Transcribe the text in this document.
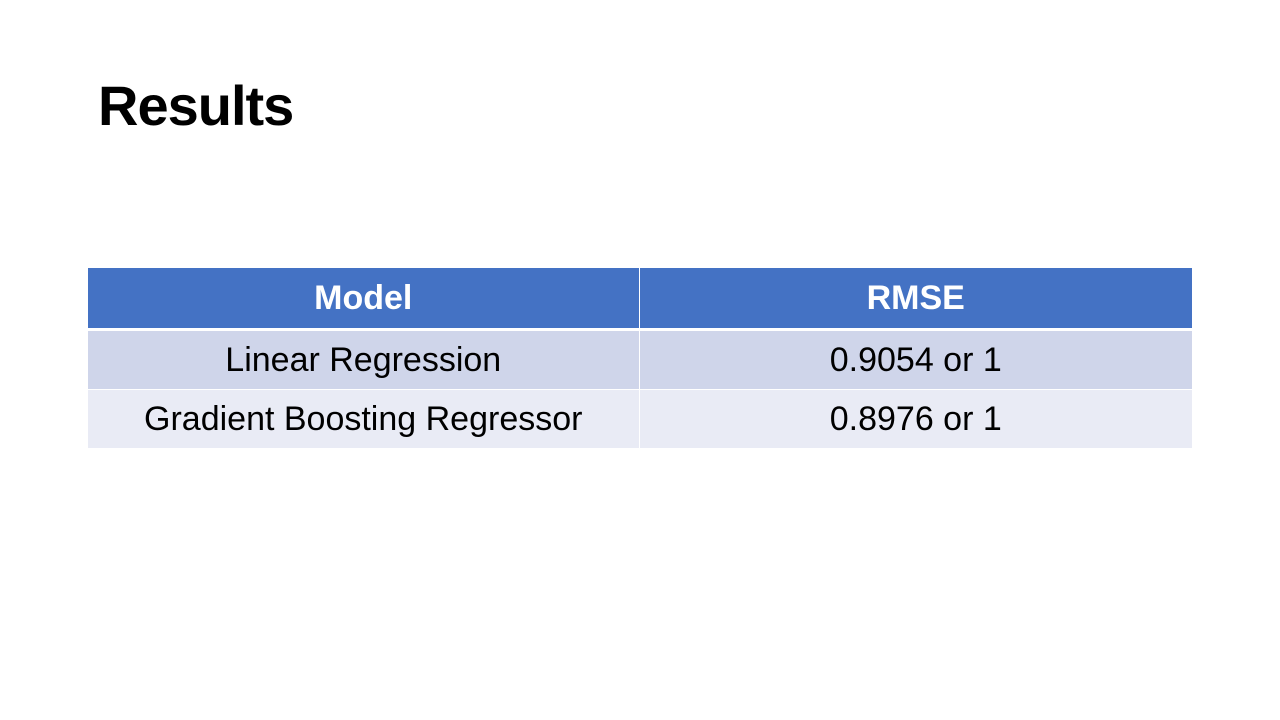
Results
Model	RMSE
Linear Regression	0.9054 or 1
Gradient Boosting Regressor	0.8976 or 1
